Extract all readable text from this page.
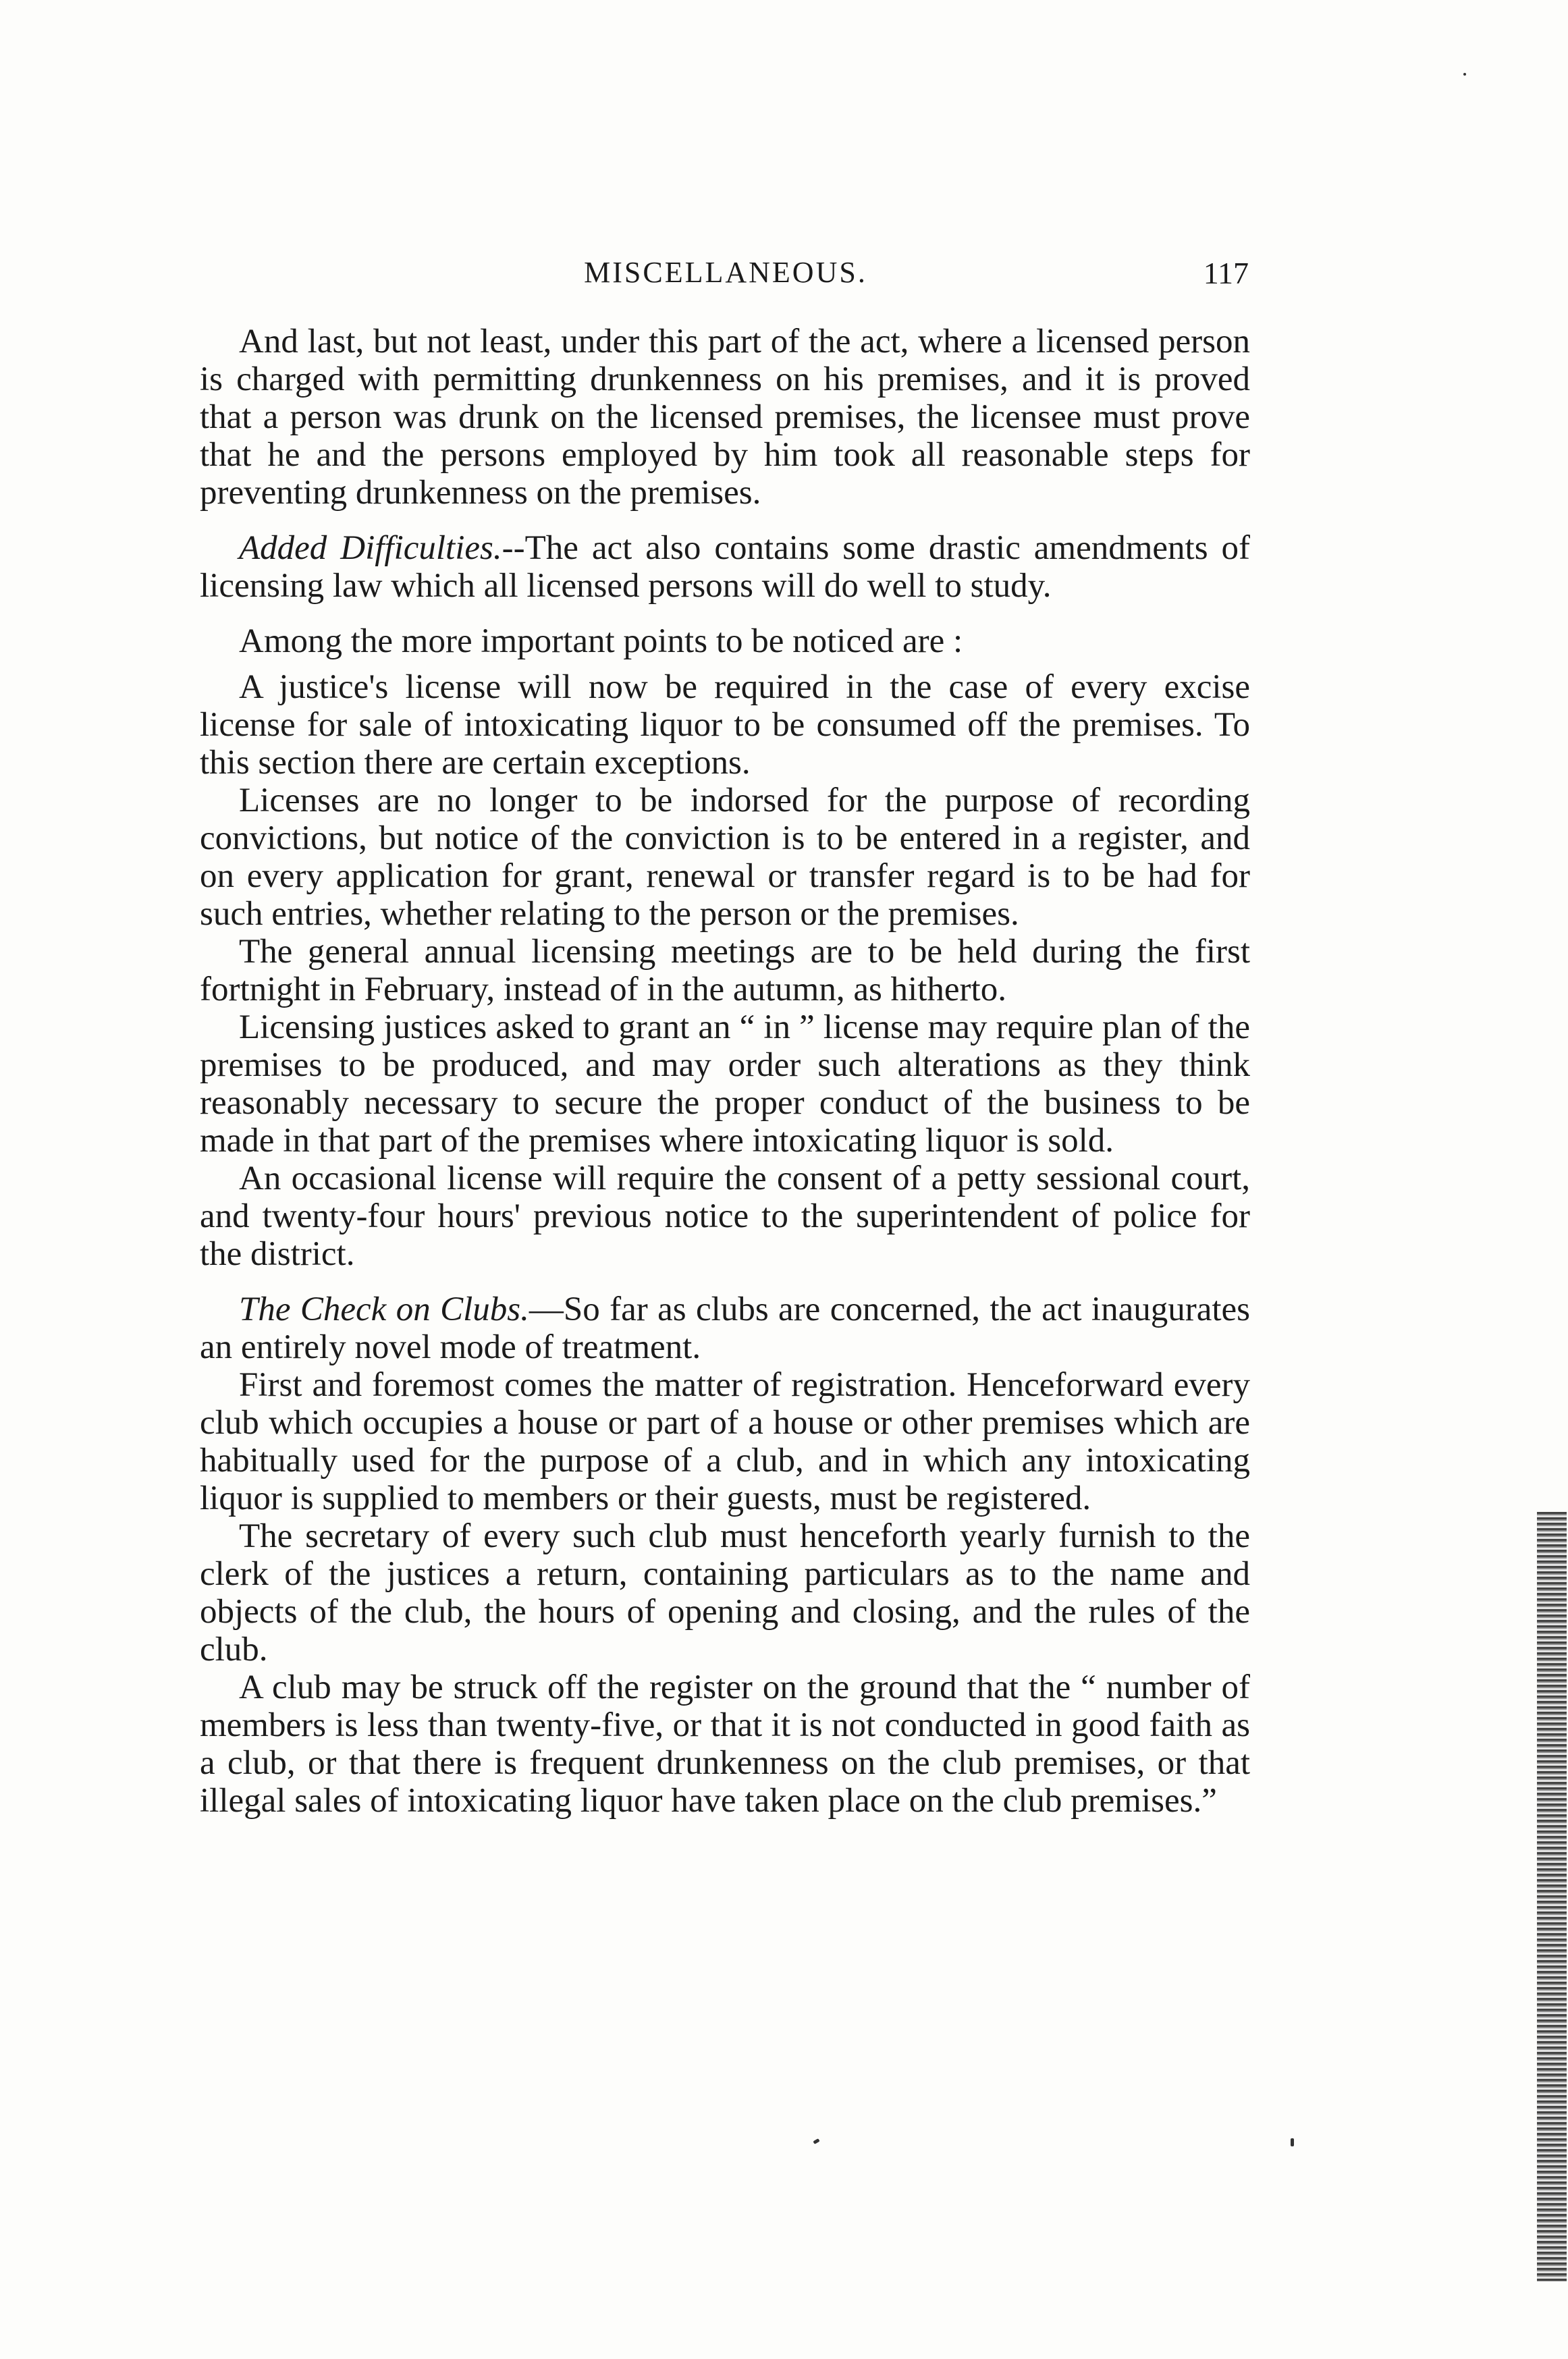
MISCELLANEOUS.	117

And last, but not least, under this part of the act, where a licensed person is charged with permitting drunkenness on his premises, and it is proved that a person was drunk on the licensed premises, the licensee must prove that he and the persons employed by him took all reasonable steps for preventing drunkenness on the premises.

Added Difficulties.--The act also contains some drastic amendments of licensing law which all licensed persons will do well to study.

Among the more important points to be noticed are :

A justice's license will now be required in the case of every excise license for sale of intoxicating liquor to be consumed off the premises. To this section there are certain exceptions.

Licenses are no longer to be indorsed for the purpose of recording convictions, but notice of the conviction is to be entered in a register, and on every application for grant, renewal or transfer regard is to be had for such entries, whether relating to the person or the premises.

The general annual licensing meetings are to be held during the first fortnight in February, instead of in the autumn, as hitherto.

Licensing justices asked to grant an “ in ” license may require plan of the premises to be produced, and may order such alterations as they think reasonably necessary to secure the proper conduct of the business to be made in that part of the premises where intoxicating liquor is sold.

An occasional license will require the consent of a petty sessional court, and twenty-four hours' previous notice to the superintendent of police for the district.

The Check on Clubs.—So far as clubs are concerned, the act inaugurates an entirely novel mode of treatment.

First and foremost comes the matter of registration. Henceforward every club which occupies a house or part of a house or other premises which are habitually used for the purpose of a club, and in which any intoxicating liquor is supplied to members or their guests, must be registered.

The secretary of every such club must henceforth yearly furnish to the clerk of the justices a return, containing particulars as to the name and objects of the club, the hours of opening and closing, and the rules of the club.

A club may be struck off the register on the ground that the “ number of members is less than twenty-five, or that it is not conducted in good faith as a club, or that there is frequent drunkenness on the club premises, or that illegal sales of intoxicating liquor have taken place on the club premises.”
